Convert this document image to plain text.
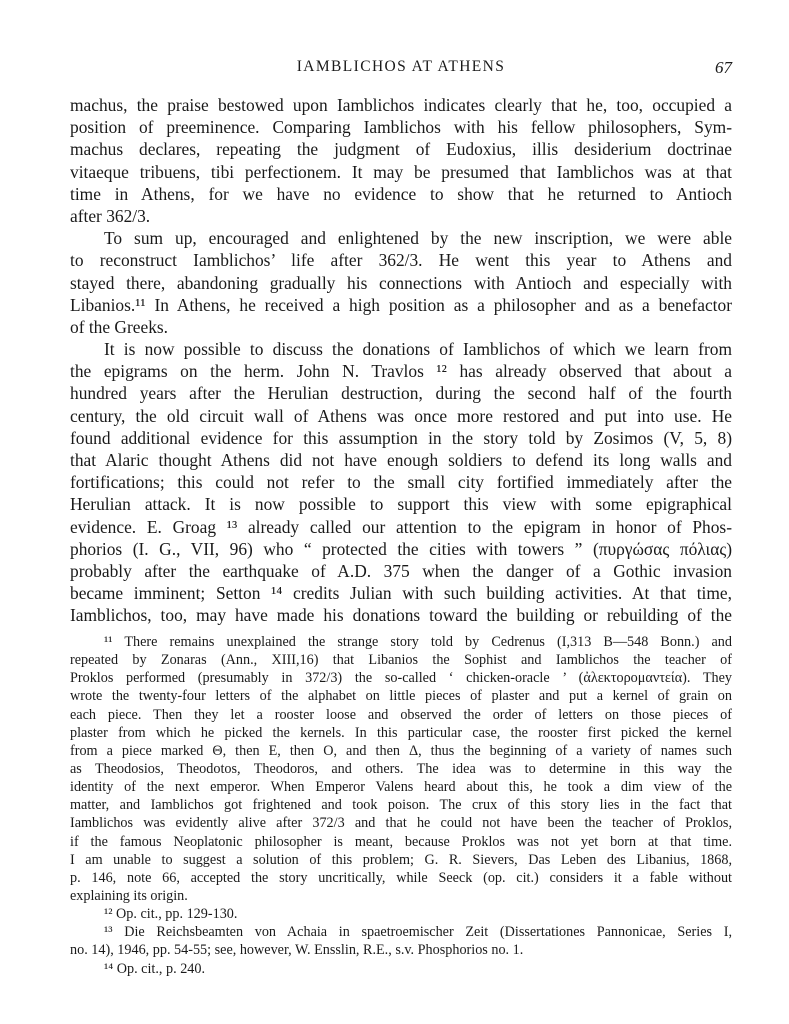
IAMBLICHOS AT ATHENS	67
machus, the praise bestowed upon Iamblichos indicates clearly that he, too, occupied a
position of preeminence. Comparing Iamblichos with his fellow philosophers, Sym-
machus declares, repeating the judgment of Eudoxius, illis desiderium doctrinae
vitaeque tribuens, tibi perfectionem. It may be presumed that Iamblichos was at that
time in Athens, for we have no evidence to show that he returned to Antioch
after 362/3.
To sum up, encouraged and enlightened by the new inscription, we were able
to reconstruct Iamblichos’ life after 362/3. He went this year to Athens and
stayed there, abandoning gradually his connections with Antioch and especially with
Libanios.¹¹ In Athens, he received a high position as a philosopher and as a benefactor
of the Greeks.
It is now possible to discuss the donations of Iamblichos of which we learn from
the epigrams on the herm. John N. Travlos ¹² has already observed that about a
hundred years after the Herulian destruction, during the second half of the fourth
century, the old circuit wall of Athens was once more restored and put into use. He
found additional evidence for this assumption in the story told by Zosimos (V, 5, 8)
that Alaric thought Athens did not have enough soldiers to defend its long walls and
fortifications; this could not refer to the small city fortified immediately after the
Herulian attack. It is now possible to support this view with some epigraphical
evidence. E. Groag ¹³ already called our attention to the epigram in honor of Phos-
phorios (I. G., VII, 96) who “ protected the cities with towers ” (πυργώσας πόλιας)
probably after the earthquake of A.D. 375 when the danger of a Gothic invasion
became imminent; Setton ¹⁴ credits Julian with such building activities. At that time,
Iamblichos, too, may have made his donations toward the building or rebuilding of the
¹¹ There remains unexplained the strange story told by Cedrenus (I,313 B—548 Bonn.) and
repeated by Zonaras (Ann., XIII,16) that Libanios the Sophist and Iamblichos the teacher of
Proklos performed (presumably in 372/3) the so-called ‘ chicken-oracle ’ (ἀλεκτορομαντεία). They
wrote the twenty-four letters of the alphabet on little pieces of plaster and put a kernel of grain on
each piece. Then they let a rooster loose and observed the order of letters on those pieces of
plaster from which he picked the kernels. In this particular case, the rooster first picked the kernel
from a piece marked Θ, then Ε, then Ο, and then Δ, thus the beginning of a variety of names such
as Theodosios, Theodotos, Theodoros, and others. The idea was to determine in this way the
identity of the next emperor. When Emperor Valens heard about this, he took a dim view of the
matter, and Iamblichos got frightened and took poison. The crux of this story lies in the fact that
Iamblichos was evidently alive after 372/3 and that he could not have been the teacher of Proklos,
if the famous Neoplatonic philosopher is meant, because Proklos was not yet born at that time.
I am unable to suggest a solution of this problem; G. R. Sievers, Das Leben des Libanius, 1868,
p. 146, note 66, accepted the story uncritically, while Seeck (op. cit.) considers it a fable without
explaining its origin.
¹² Op. cit., pp. 129-130.
¹³ Die Reichsbeamten von Achaia in spaetroemischer Zeit (Dissertationes Pannonicae, Series I,
no. 14), 1946, pp. 54-55; see, however, W. Ensslin, R.E., s.v. Phosphorios no. 1.
¹⁴ Op. cit., p. 240.
